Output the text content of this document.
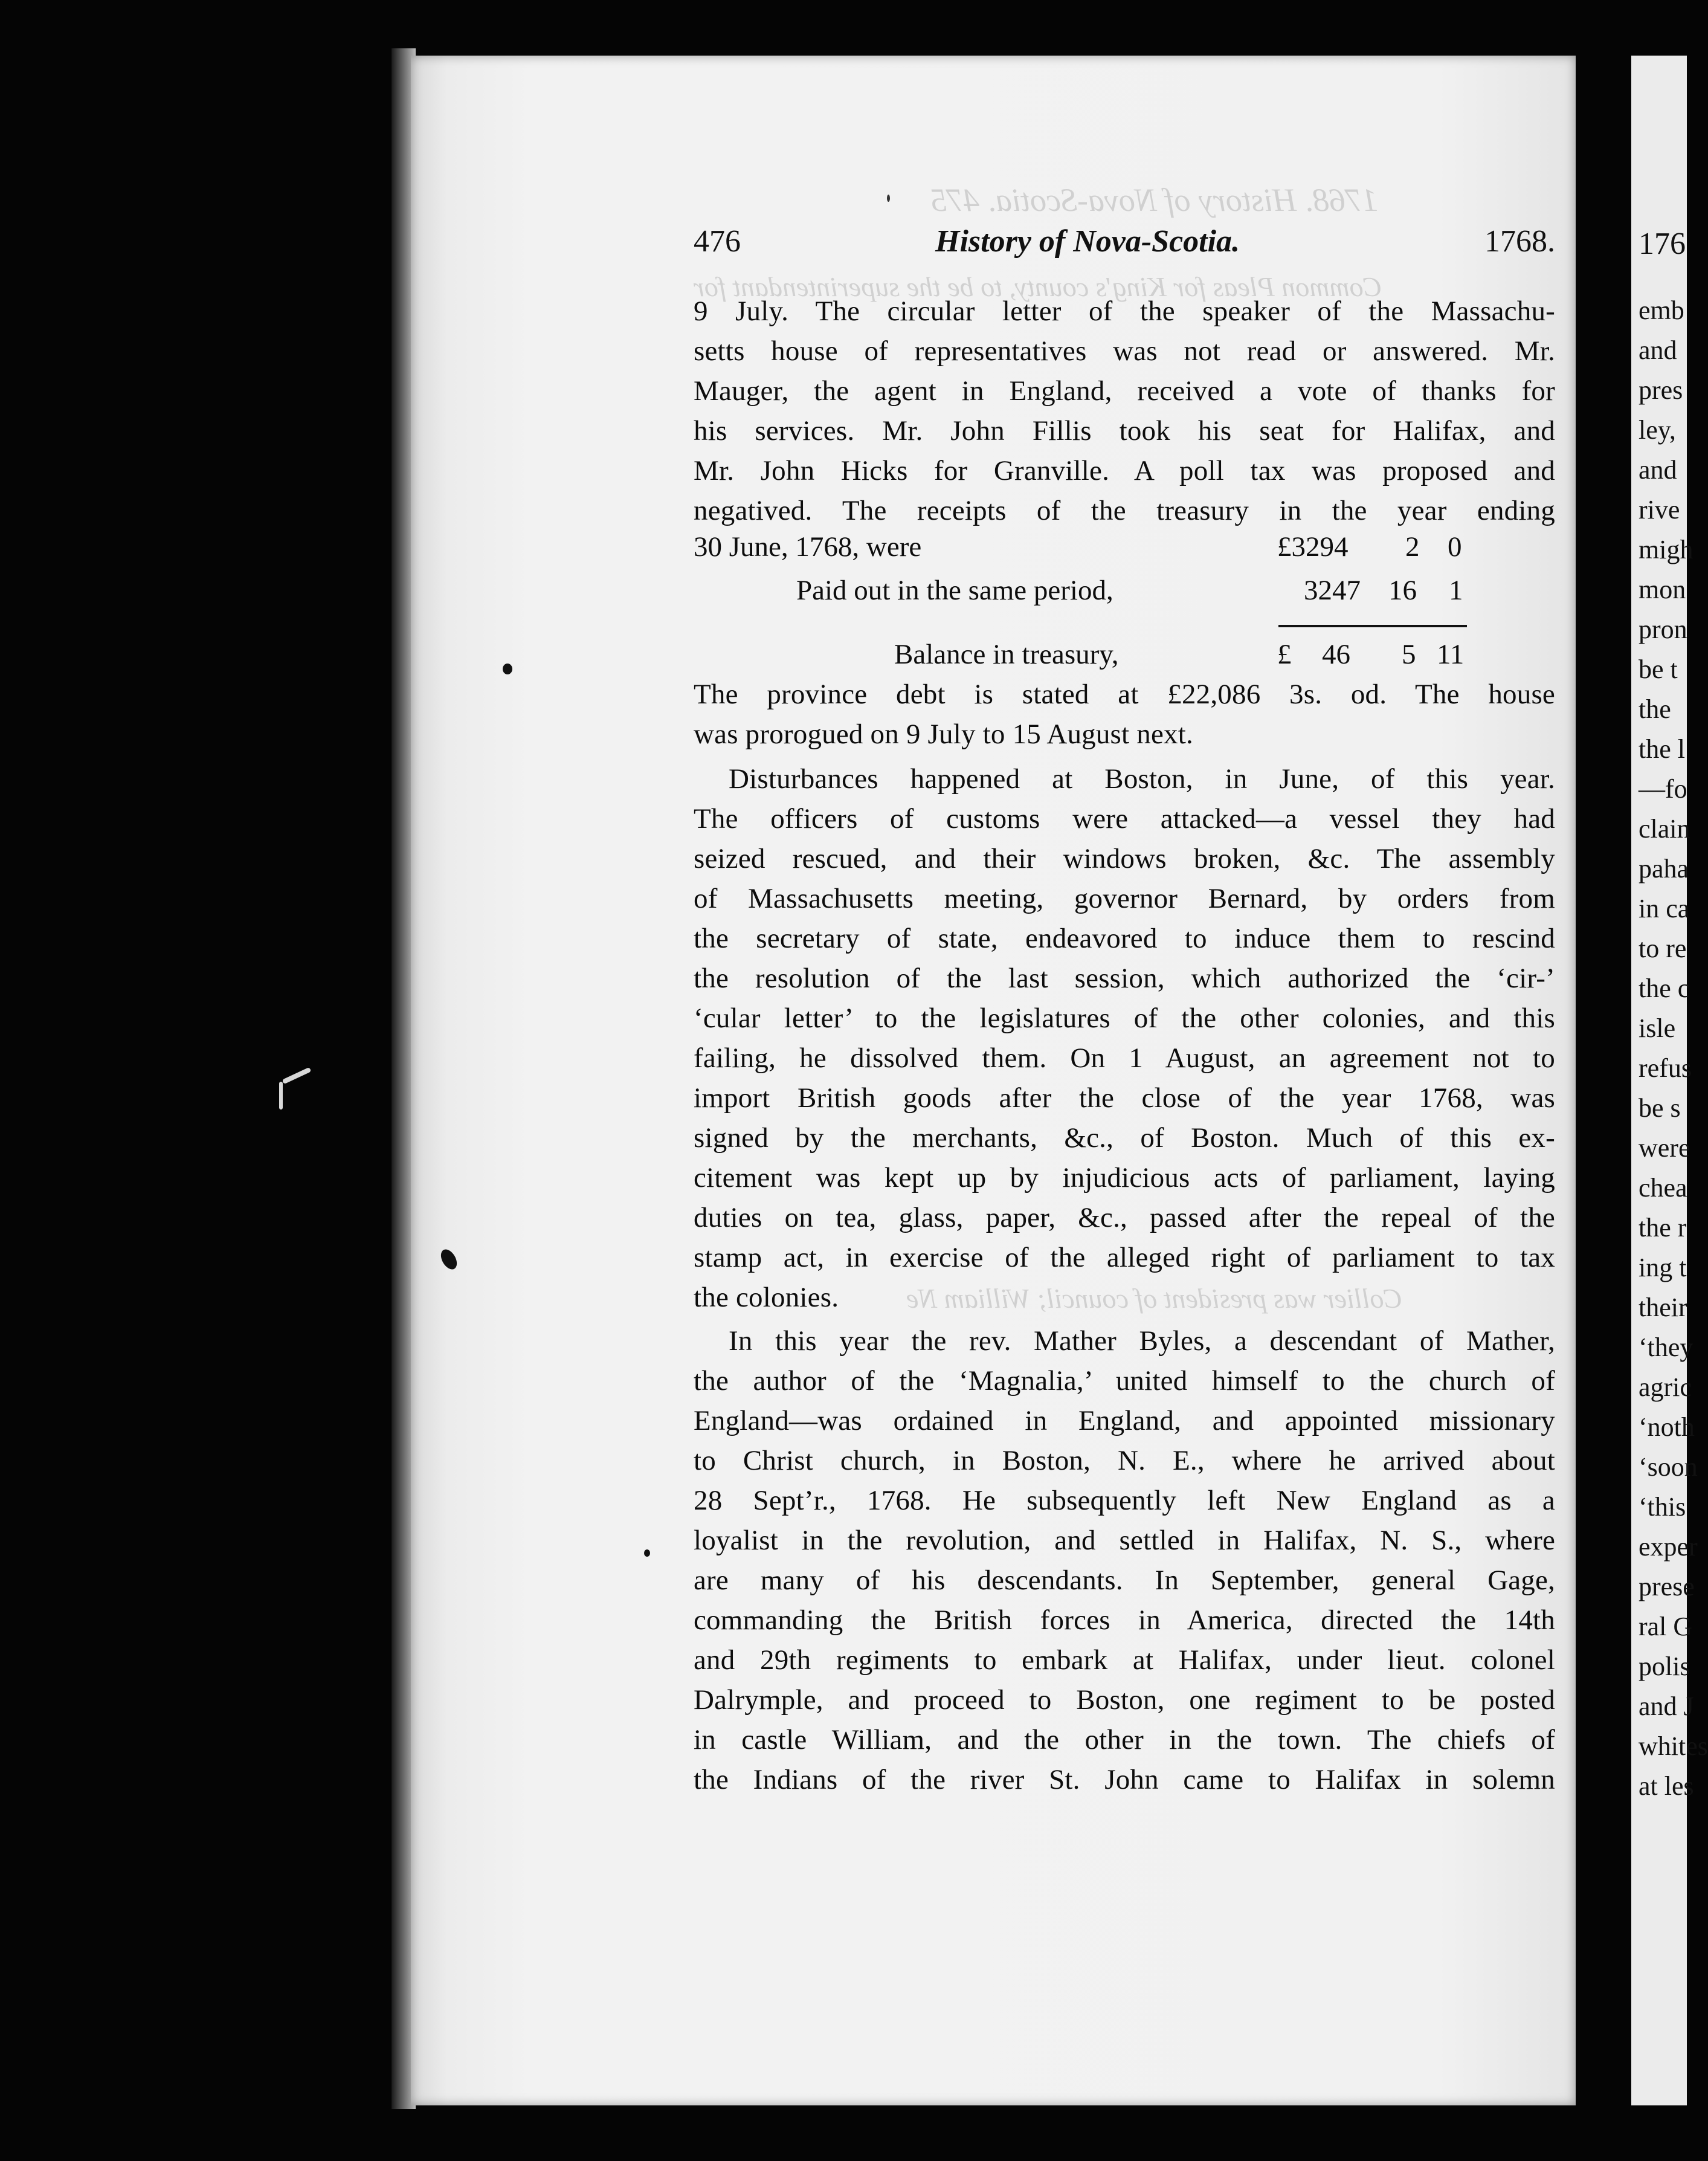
1768. History of Nova-Scotia. 475
Common Pleas for King's county, to be the superintendant for
Collier was president of council; William Ne
476	History of Nova-Scotia.	1768.
9 July. The circular letter of the speaker of the Massachu-
setts house of representatives was not read or answered. Mr.
Mauger, the agent in England, received a vote of thanks for
his services. Mr. John Fillis took his seat for Halifax, and
Mr. John Hicks for Granville. A poll tax was proposed and
negatived. The receipts of the treasury in the year ending
30 June, 1768, were	£3294 2 0
Paid out in the same period,	3247 16 1
Balance in treasury,	£ 46 5 11
The province debt is stated at £22,086 3s. od. The house
was prorogued on 9 July to 15 August next.
Disturbances happened at Boston, in June, of this year.
The officers of customs were attacked—a vessel they had
seized rescued, and their windows broken, &c. The assembly
of Massachusetts meeting, governor Bernard, by orders from
the secretary of state, endeavored to induce them to rescind
the resolution of the last session, which authorized the ‘cir-’
‘cular letter’ to the legislatures of the other colonies, and this
failing, he dissolved them. On 1 August, an agreement not to
import British goods after the close of the year 1768, was
signed by the merchants, &c., of Boston. Much of this ex-
citement was kept up by injudicious acts of parliament, laying
duties on tea, glass, paper, &c., passed after the repeal of the
stamp act, in exercise of the alleged right of parliament to tax
the colonies.
In this year the rev. Mather Byles, a descendant of Mather,
the author of the ‘Magnalia,’ united himself to the church of
England—was ordained in England, and appointed missionary
to Christ church, in Boston, N. E., where he arrived about
28 Sept’r., 1768. He subsequently left New England as a
loyalist in the revolution, and settled in Halifax, N. S., where
are many of his descendants. In September, general Gage,
commanding the British forces in America, directed the 14th
and 29th regiments to embark at Halifax, under lieut. colonel
Dalrymple, and proceed to Boston, one regiment to be posted
in castle William, and the other in the town. The chiefs of
the Indians of the river St. John came to Halifax in solemn
176
emb
and
pres
ley,
and
rive
migh
mon
pron
be t
the
the l
—fo
clain
paha
in ca
to re
the c
isle
refus
be s
were
chea
the r
ing t
their
‘they
agric
‘noth
‘soon
‘this
exper
prese
ral G
polis
and J
whites
at les
